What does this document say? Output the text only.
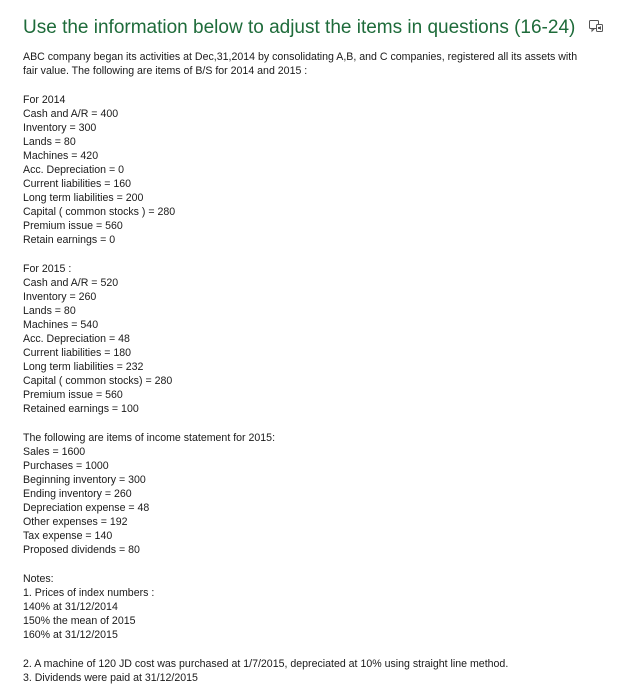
Use the information below to adjust the items in questions (16-24)
ABC company began its activities at Dec,31,2014 by consolidating A,B, and C companies, registered all its assets with fair value. The following are items of B/S for 2014 and 2015 :
For 2014
Cash and A/R = 400
Inventory = 300
Lands = 80
Machines = 420
Acc. Depreciation = 0
Current liabilities = 160
Long term liabilities = 200
Capital ( common stocks ) = 280
Premium issue = 560
Retain earnings = 0
For 2015 :
Cash and A/R = 520
Inventory = 260
Lands = 80
Machines = 540
Acc. Depreciation = 48
Current liabilities = 180
Long term liabilities = 232
Capital ( common stocks) = 280
Premium issue = 560
Retained earnings = 100
The following are items of income statement for 2015:
Sales = 1600
Purchases = 1000
Beginning inventory = 300
Ending inventory = 260
Depreciation expense = 48
Other expenses = 192
Tax expense = 140
Proposed dividends = 80
Notes:
1. Prices of index numbers :
140% at 31/12/2014
150% the mean of 2015
160% at 31/12/2015
2. A machine of 120 JD cost was purchased at 1/7/2015, depreciated at 10% using straight line method.
3. Dividends were paid at 31/12/2015
